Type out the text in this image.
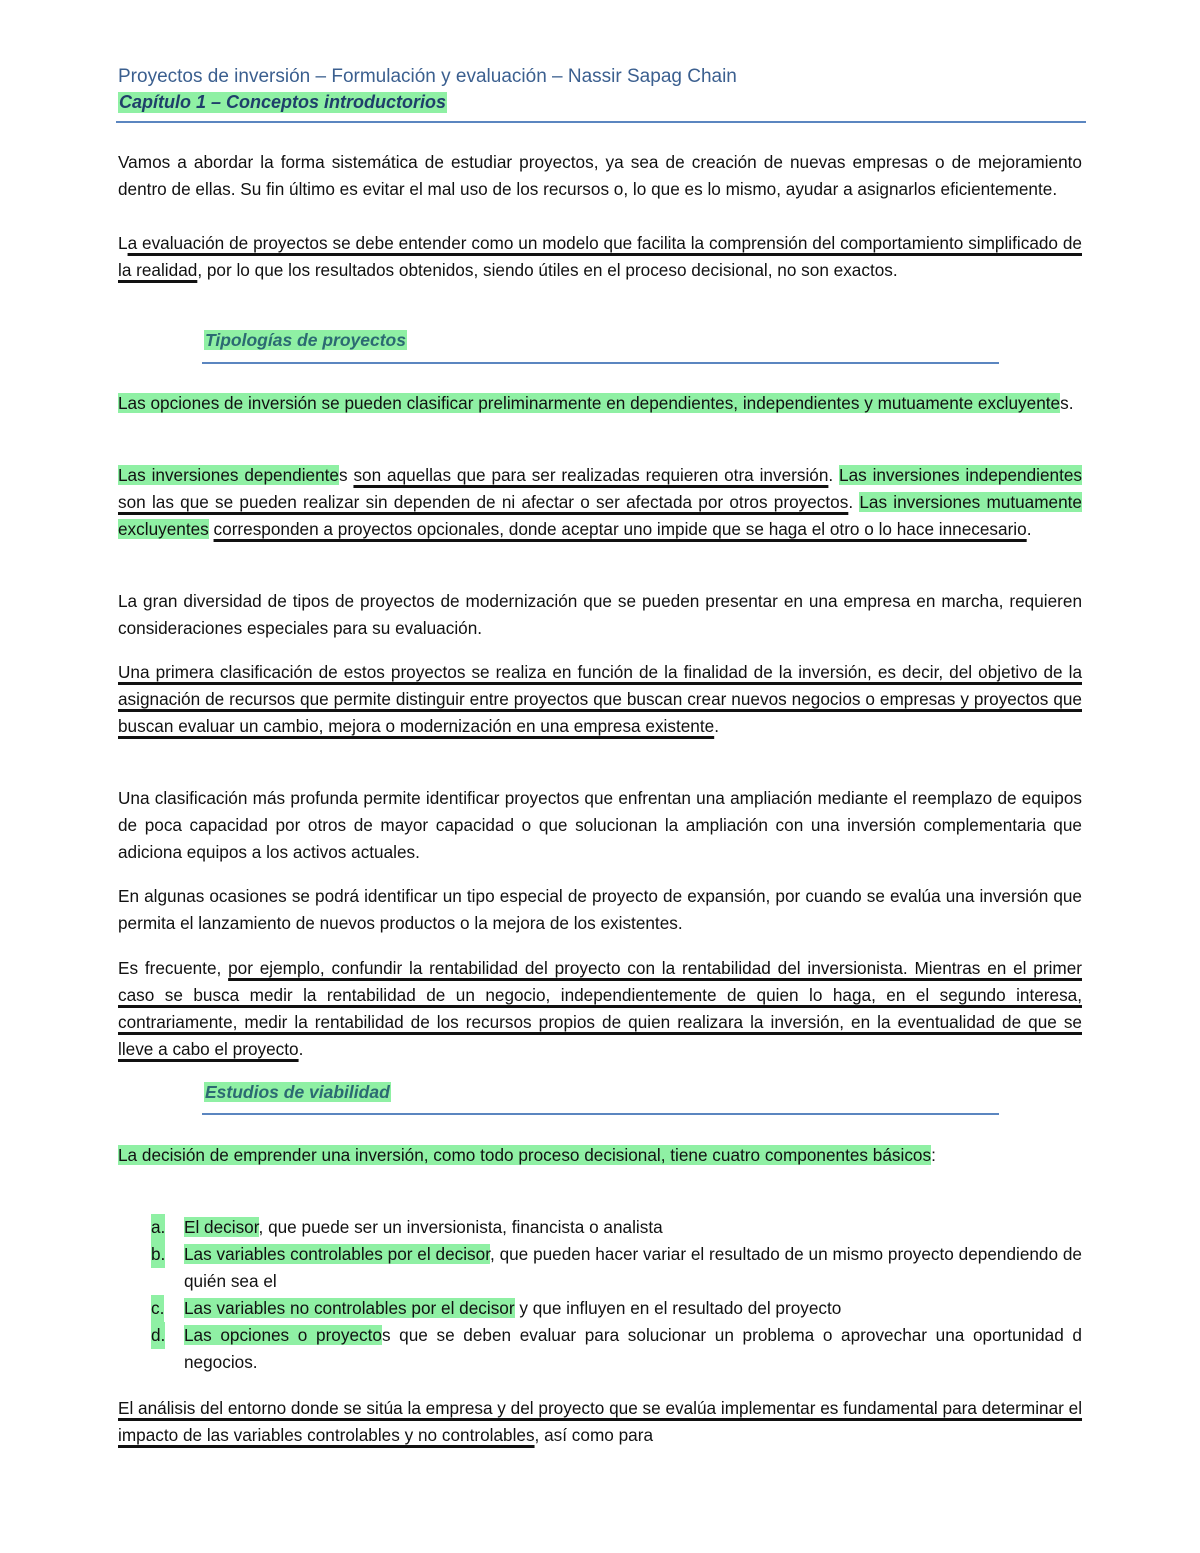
Proyectos de inversión – Formulación y evaluación – Nassir Sapag Chain
Capítulo 1 – Conceptos introductorios
Vamos a abordar la forma sistemática de estudiar proyectos, ya sea de creación de nuevas empresas o de mejoramiento dentro de ellas. Su fin último es evitar el mal uso de los recursos o, lo que es lo mismo, ayudar a asignarlos eficientemente.
La evaluación de proyectos se debe entender como un modelo que facilita la comprensión del comportamiento simplificado de la realidad, por lo que los resultados obtenidos, siendo útiles en el proceso decisional, no son exactos.
Tipologías de proyectos
Las opciones de inversión se pueden clasificar preliminarmente en dependientes, independientes y mutuamente excluyentes.
Las inversiones dependientes son aquellas que para ser realizadas requieren otra inversión. Las inversiones independientes son las que se pueden realizar sin dependen de ni afectar o ser afectada por otros proyectos. Las inversiones mutuamente excluyentes corresponden a proyectos opcionales, donde aceptar uno impide que se haga el otro o lo hace innecesario.
La gran diversidad de tipos de proyectos de modernización que se pueden presentar en una empresa en marcha, requieren consideraciones especiales para su evaluación.
Una primera clasificación de estos proyectos se realiza en función de la finalidad de la inversión, es decir, del objetivo de la asignación de recursos que permite distinguir entre proyectos que buscan crear nuevos negocios o empresas y proyectos que buscan evaluar un cambio, mejora o modernización en una empresa existente.
Una clasificación más profunda permite identificar proyectos que enfrentan una ampliación mediante el reemplazo de equipos de poca capacidad por otros de mayor capacidad o que solucionan la ampliación con una inversión complementaria que adiciona equipos a los activos actuales.
En algunas ocasiones se podrá identificar un tipo especial de proyecto de expansión, por cuando se evalúa una inversión que permita el lanzamiento de nuevos productos o la mejora de los existentes.
Es frecuente, por ejemplo, confundir la rentabilidad del proyecto con la rentabilidad del inversionista. Mientras en el primer caso se busca medir la rentabilidad de un negocio, independientemente de quien lo haga, en el segundo interesa, contrariamente, medir la rentabilidad de los recursos propios de quien realizara la inversión, en la eventualidad de que se lleve a cabo el proyecto.
Estudios de viabilidad
La decisión de emprender una inversión, como todo proceso decisional, tiene cuatro componentes básicos:
a. El decisor, que puede ser un inversionista, financista o analista
b. Las variables controlables por el decisor, que pueden hacer variar el resultado de un mismo proyecto dependiendo de quién sea el
c. Las variables no controlables por el decisor y que influyen en el resultado del proyecto
d. Las opciones o proyectos que se deben evaluar para solucionar un problema o aprovechar una oportunidad d negocios.
El análisis del entorno donde se sitúa la empresa y del proyecto que se evalúa implementar es fundamental para determinar el impacto de las variables controlables y no controlables, así como para
